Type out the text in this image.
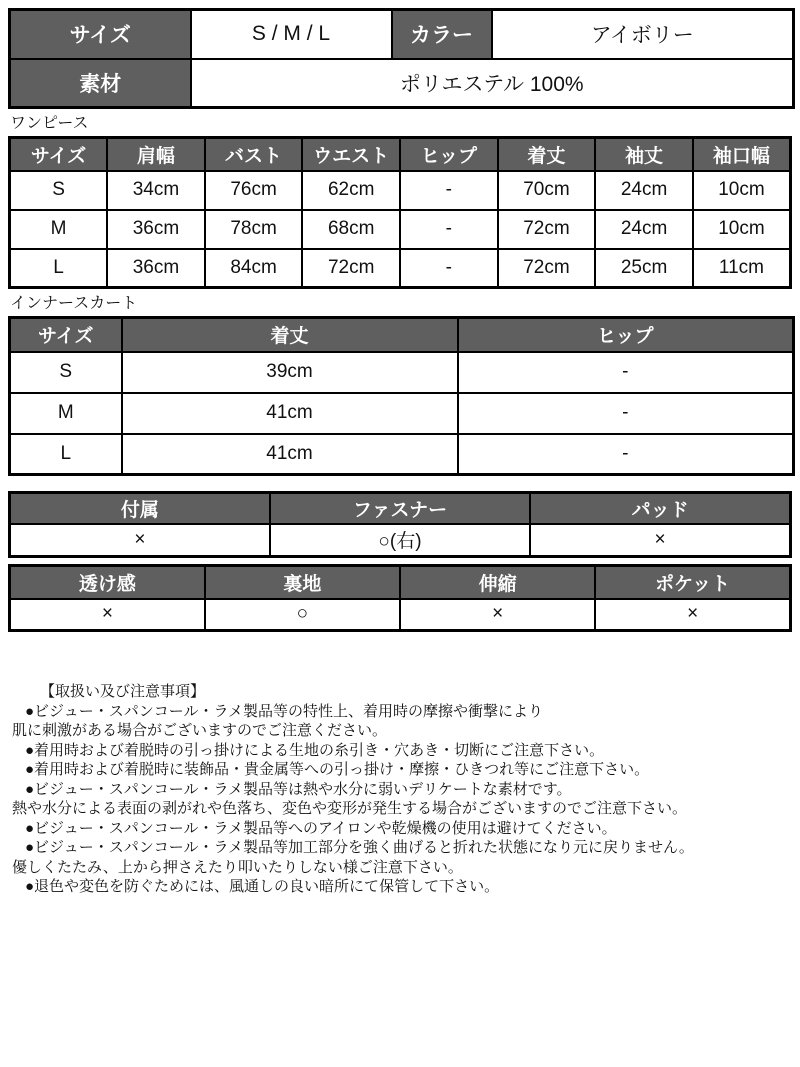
サイズ	S / M / L	カラー	アイボリー
素材	ポリエステル 100%		
ワンピース
サイズ	肩幅	バスト	ウエスト	ヒップ	着丈	袖丈	袖口幅
S	34cm	76cm	62cm	-	70cm	24cm	10cm
M	36cm	78cm	68cm	-	72cm	24cm	10cm
L	36cm	84cm	72cm	-	72cm	25cm	11cm
インナースカート
サイズ	着丈	ヒップ
S	39cm	-
M	41cm	-
L	41cm	-
付属	ファスナー	パッド
×	○(右)	×
透け感	裏地	伸縮	ポケット
×	○	×	×
【取扱い及び注意事項】
●ビジュー・スパンコール・ラメ製品等の特性上、着用時の摩擦や衝撃により
肌に刺激がある場合がございますのでご注意ください。
●着用時および着脱時の引っ掛けによる生地の糸引き・穴あき・切断にご注意下さい。
●着用時および着脱時に装飾品・貴金属等への引っ掛け・摩擦・ひきつれ等にご注意下さい。
●ビジュー・スパンコール・ラメ製品等は熱や水分に弱いデリケートな素材です。
熱や水分による表面の剥がれや色落ち、変色や変形が発生する場合がございますのでご注意下さい。
●ビジュー・スパンコール・ラメ製品等へのアイロンや乾燥機の使用は避けてください。
●ビジュー・スパンコール・ラメ製品等加工部分を強く曲げると折れた状態になり元に戻りません。
優しくたたみ、上から押さえたり叩いたりしない様ご注意下さい。
●退色や変色を防ぐためには、風通しの良い暗所にて保管して下さい。
